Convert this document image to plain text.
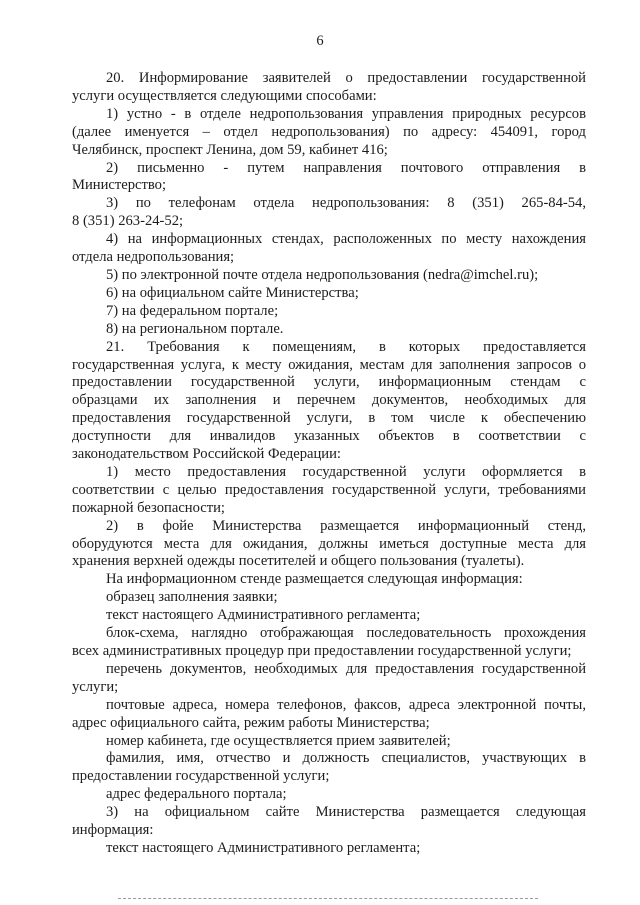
6
20. Информирование заявителей о предоставлении государственной
услуги осуществляется следующими способами:
1) устно - в отделе недропользования управления природных ресурсов
(далее именуется – отдел недропользования) по адресу: 454091, город
Челябинск, проспект Ленина, дом 59, кабинет 416;
2) письменно - путем направления почтового отправления в
Министерство;
3) по телефонам отдела недропользования: 8 (351) 265-84-54,
8 (351) 263-24-52;
4) на информационных стендах, расположенных по месту нахождения
отдела недропользования;
5) по электронной почте отдела недропользования (nedra@imchel.ru);
6) на официальном сайте Министерства;
7) на федеральном портале;
8) на региональном портале.
21. Требования к помещениям, в которых предоставляется
государственная услуга, к месту ожидания, местам для заполнения запросов о
предоставлении государственной услуги, информационным стендам с
образцами их заполнения и перечнем документов, необходимых для
предоставления государственной услуги, в том числе к обеспечению
доступности для инвалидов указанных объектов в соответствии с
законодательством Российской Федерации:
1) место предоставления государственной услуги оформляется в
соответствии с целью предоставления государственной услуги, требованиями
пожарной безопасности;
2) в фойе Министерства размещается информационный стенд,
оборудуются места для ожидания, должны иметься доступные места для
хранения верхней одежды посетителей и общего пользования (туалеты).
На информационном стенде размещается следующая информация:
образец заполнения заявки;
текст настоящего Административного регламента;
блок-схема, наглядно отображающая последовательность прохождения
всех административных процедур при предоставлении государственной услуги;
перечень документов, необходимых для предоставления государственной
услуги;
почтовые адреса, номера телефонов, факсов, адреса электронной почты,
адрес официального сайта, режим работы Министерства;
номер кабинета, где осуществляется прием заявителей;
фамилия, имя, отчество и должность специалистов, участвующих в
предоставлении государственной услуги;
адрес федерального портала;
3) на официальном сайте Министерства размещается следующая
информация:
текст настоящего Административного регламента;
